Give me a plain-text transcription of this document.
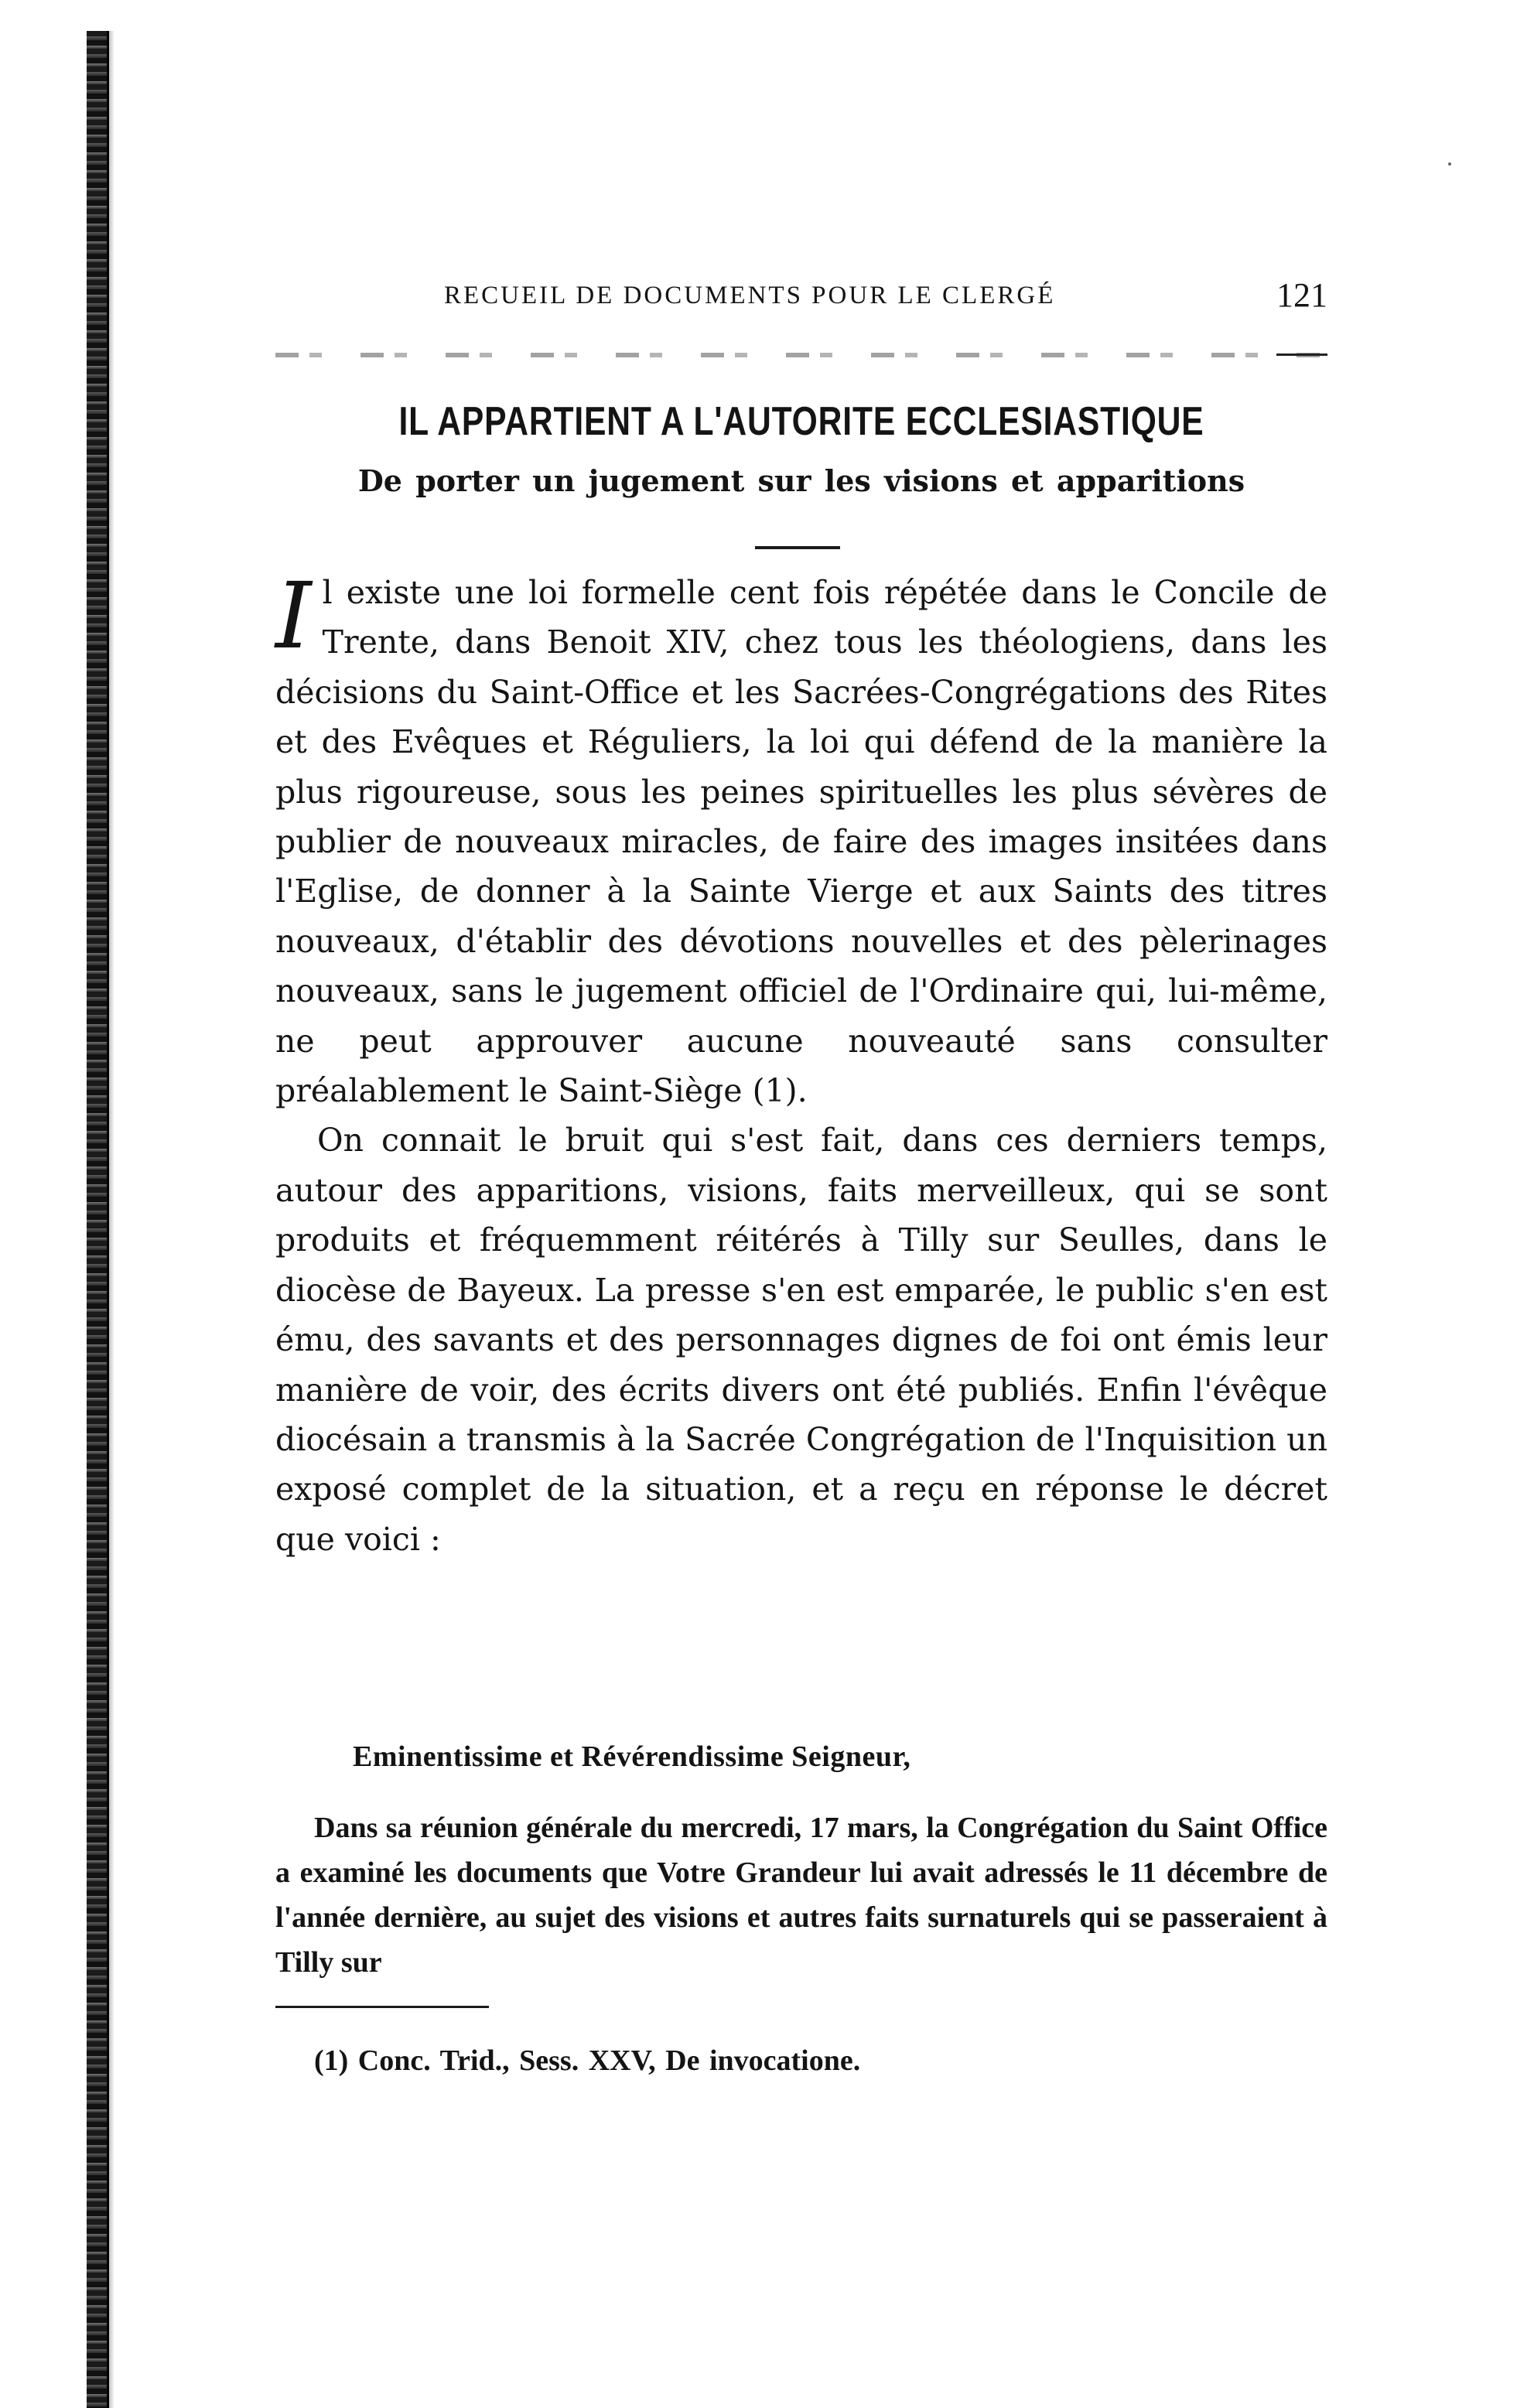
RECUEIL DE DOCUMENTS POUR LE CLERGÉ	121
IL APPARTIENT A L'AUTORITE ECCLESIASTIQUE
De porter un jugement sur les visions et apparitions

Il existe une loi formelle cent fois répétée dans le Concile de Trente, dans Benoit XIV, chez tous les théologiens, dans les décisions du Saint-Office et les Sacrées-Congrégations des Rites et des Evêques et Réguliers, la loi qui défend de la manière la plus rigoureuse, sous les peines spirituelles les plus sévères de publier de nouveaux miracles, de faire des images insitées dans l'Eglise, de donner à la Sainte Vierge et aux Saints des titres nouveaux, d'établir des dévotions nouvelles et des pèlerinages nouveaux, sans le jugement officiel de l'Ordinaire qui, lui-même, ne peut approuver aucune nouveauté sans consulter préalablement le Saint-Siège (1).

On connait le bruit qui s'est fait, dans ces derniers temps, autour des apparitions, visions, faits merveilleux, qui se sont produits et fréquemment réitérés à Tilly sur Seulles, dans le diocèse de Bayeux. La presse s'en est emparée, le public s'en est ému, des savants et des personnages dignes de foi ont émis leur manière de voir, des écrits divers ont été publiés. Enfin l'évêque diocésain a transmis à la Sacrée Congrégation de l'Inquisition un exposé complet de la situation, et a reçu en réponse le décret que voici :

Eminentissime et Révérendissime Seigneur,

Dans sa réunion générale du mercredi, 17 mars, la Congrégation du Saint Office a examiné les documents que Votre Grandeur lui avait adressés le 11 décembre de l'année dernière, au sujet des visions et autres faits surnaturels qui se passeraient à Tilly sur

(1) Conc. Trid., Sess. XXV, De invocatione.
